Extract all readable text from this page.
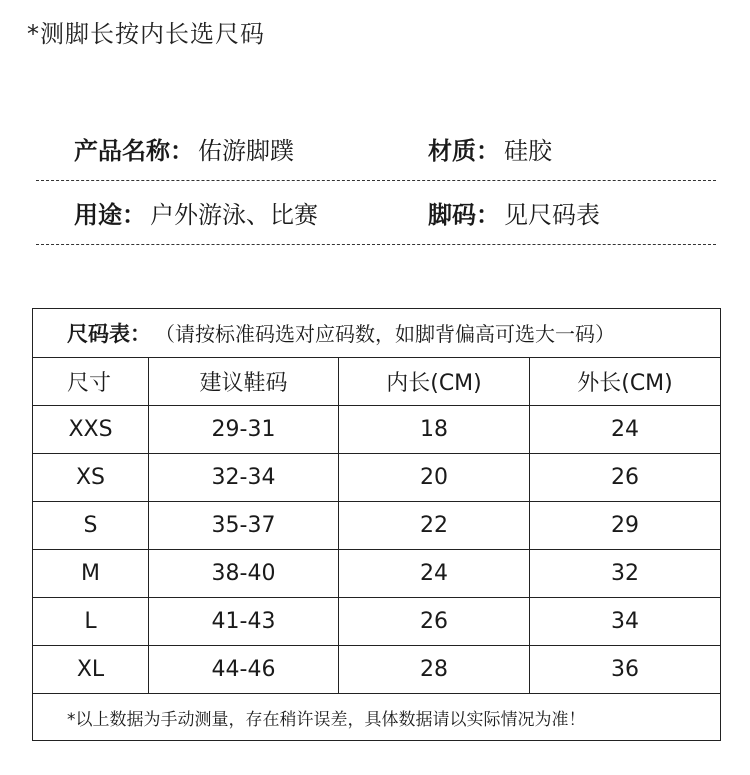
*测脚长按内长选尺码
产品名称： 佑游脚蹼	材质： 硅胶
用途： 户外游泳、比赛	脚码： 见尺码表
尺码表： （请按标准码选对应码数，如脚背偏高可选大一码）			
尺寸	建议鞋码	内长(CM)	外长(CM)
XXS	29-31	18	24
XS	32-34	20	26
S	35-37	22	29
M	38-40	24	32
L	41-43	26	34
XL	44-46	28	36
*以上数据为手动测量，存在稍许误差，具体数据请以实际情况为准！			
